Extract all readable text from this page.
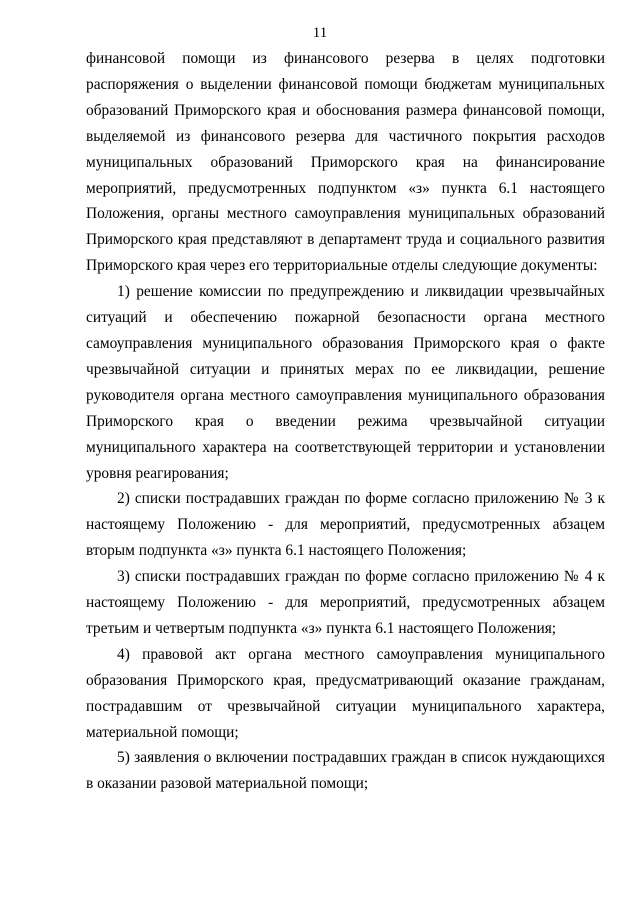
11

финансовой помощи из финансового резерва в целях подготовки распоряжения о выделении финансовой помощи бюджетам муниципальных образований Приморского края и обоснования размера финансовой помощи, выделяемой из финансового резерва для частичного покрытия расходов муниципальных образований Приморского края на финансирование мероприятий, предусмотренных подпунктом «з» пункта 6.1 настоящего Положения, органы местного самоуправления муниципальных образований Приморского края представляют в департамент труда и социального развития Приморского края через его территориальные отделы следующие документы:

1) решение комиссии по предупреждению и ликвидации чрезвычайных ситуаций и обеспечению пожарной безопасности органа местного самоуправления муниципального образования Приморского края о факте чрезвычайной ситуации и принятых мерах по ее ликвидации, решение руководителя органа местного самоуправления муниципального образования Приморского края о введении режима чрезвычайной ситуации муниципального характера на соответствующей территории и установлении уровня реагирования;

2) списки пострадавших граждан по форме согласно приложению № 3 к настоящему Положению - для мероприятий, предусмотренных абзацем вторым подпункта «з» пункта 6.1 настоящего Положения;

3) списки пострадавших граждан по форме согласно приложению № 4 к настоящему Положению - для мероприятий, предусмотренных абзацем третьим и четвертым подпункта «з» пункта 6.1 настоящего Положения;

4) правовой акт органа местного самоуправления муниципального образования Приморского края, предусматривающий оказание гражданам, пострадавшим от чрезвычайной ситуации муниципального характера, материальной помощи;

5) заявления о включении пострадавших граждан в список нуждающихся в оказании разовой материальной помощи;
